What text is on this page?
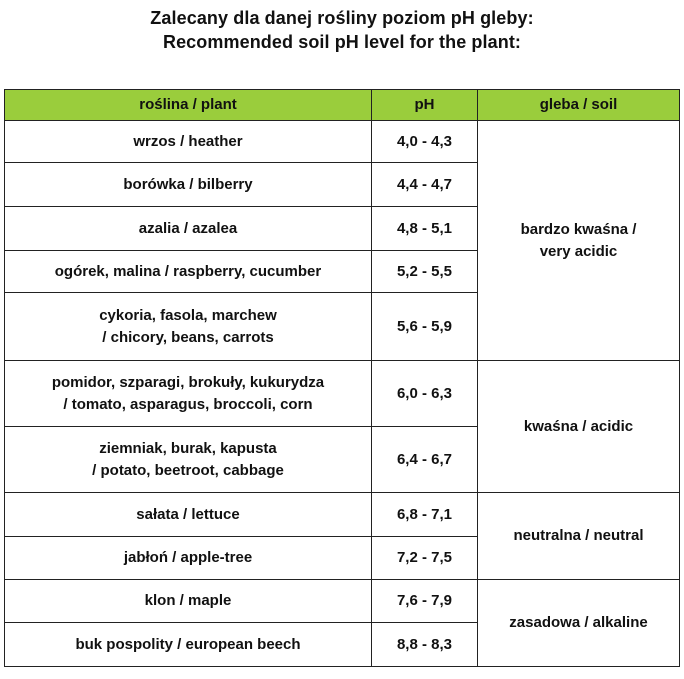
Zalecany dla danej rośliny poziom pH gleby:
Recommended soil pH level for the plant:
roślina / plant	pH	gleba / soil

wrzos / heather	4,0 - 4,3	bardzo kwaśna /
very acidic

borówka / bilberry	4,4 - 4,7	

azalia / azalea	4,8 - 5,1	

ogórek, malina / raspberry, cucumber	5,2 - 5,5	

cykoria, fasola, marchew
/ chicory, beans, carrots	5,6 - 5,9	

pomidor, szparagi, brokuły, kukurydza
/ tomato, asparagus, broccoli, corn	6,0 - 6,3	kwaśna / acidic

ziemniak, burak, kapusta
/ potato, beetroot, cabbage	6,4 - 6,7	

sałata / lettuce	6,8 - 7,1	neutralna / neutral

jabłoń / apple-tree	7,2 - 7,5	

klon / maple	7,6 - 7,9	zasadowa / alkaline

buk pospolity / european beech	8,8 - 8,3	
